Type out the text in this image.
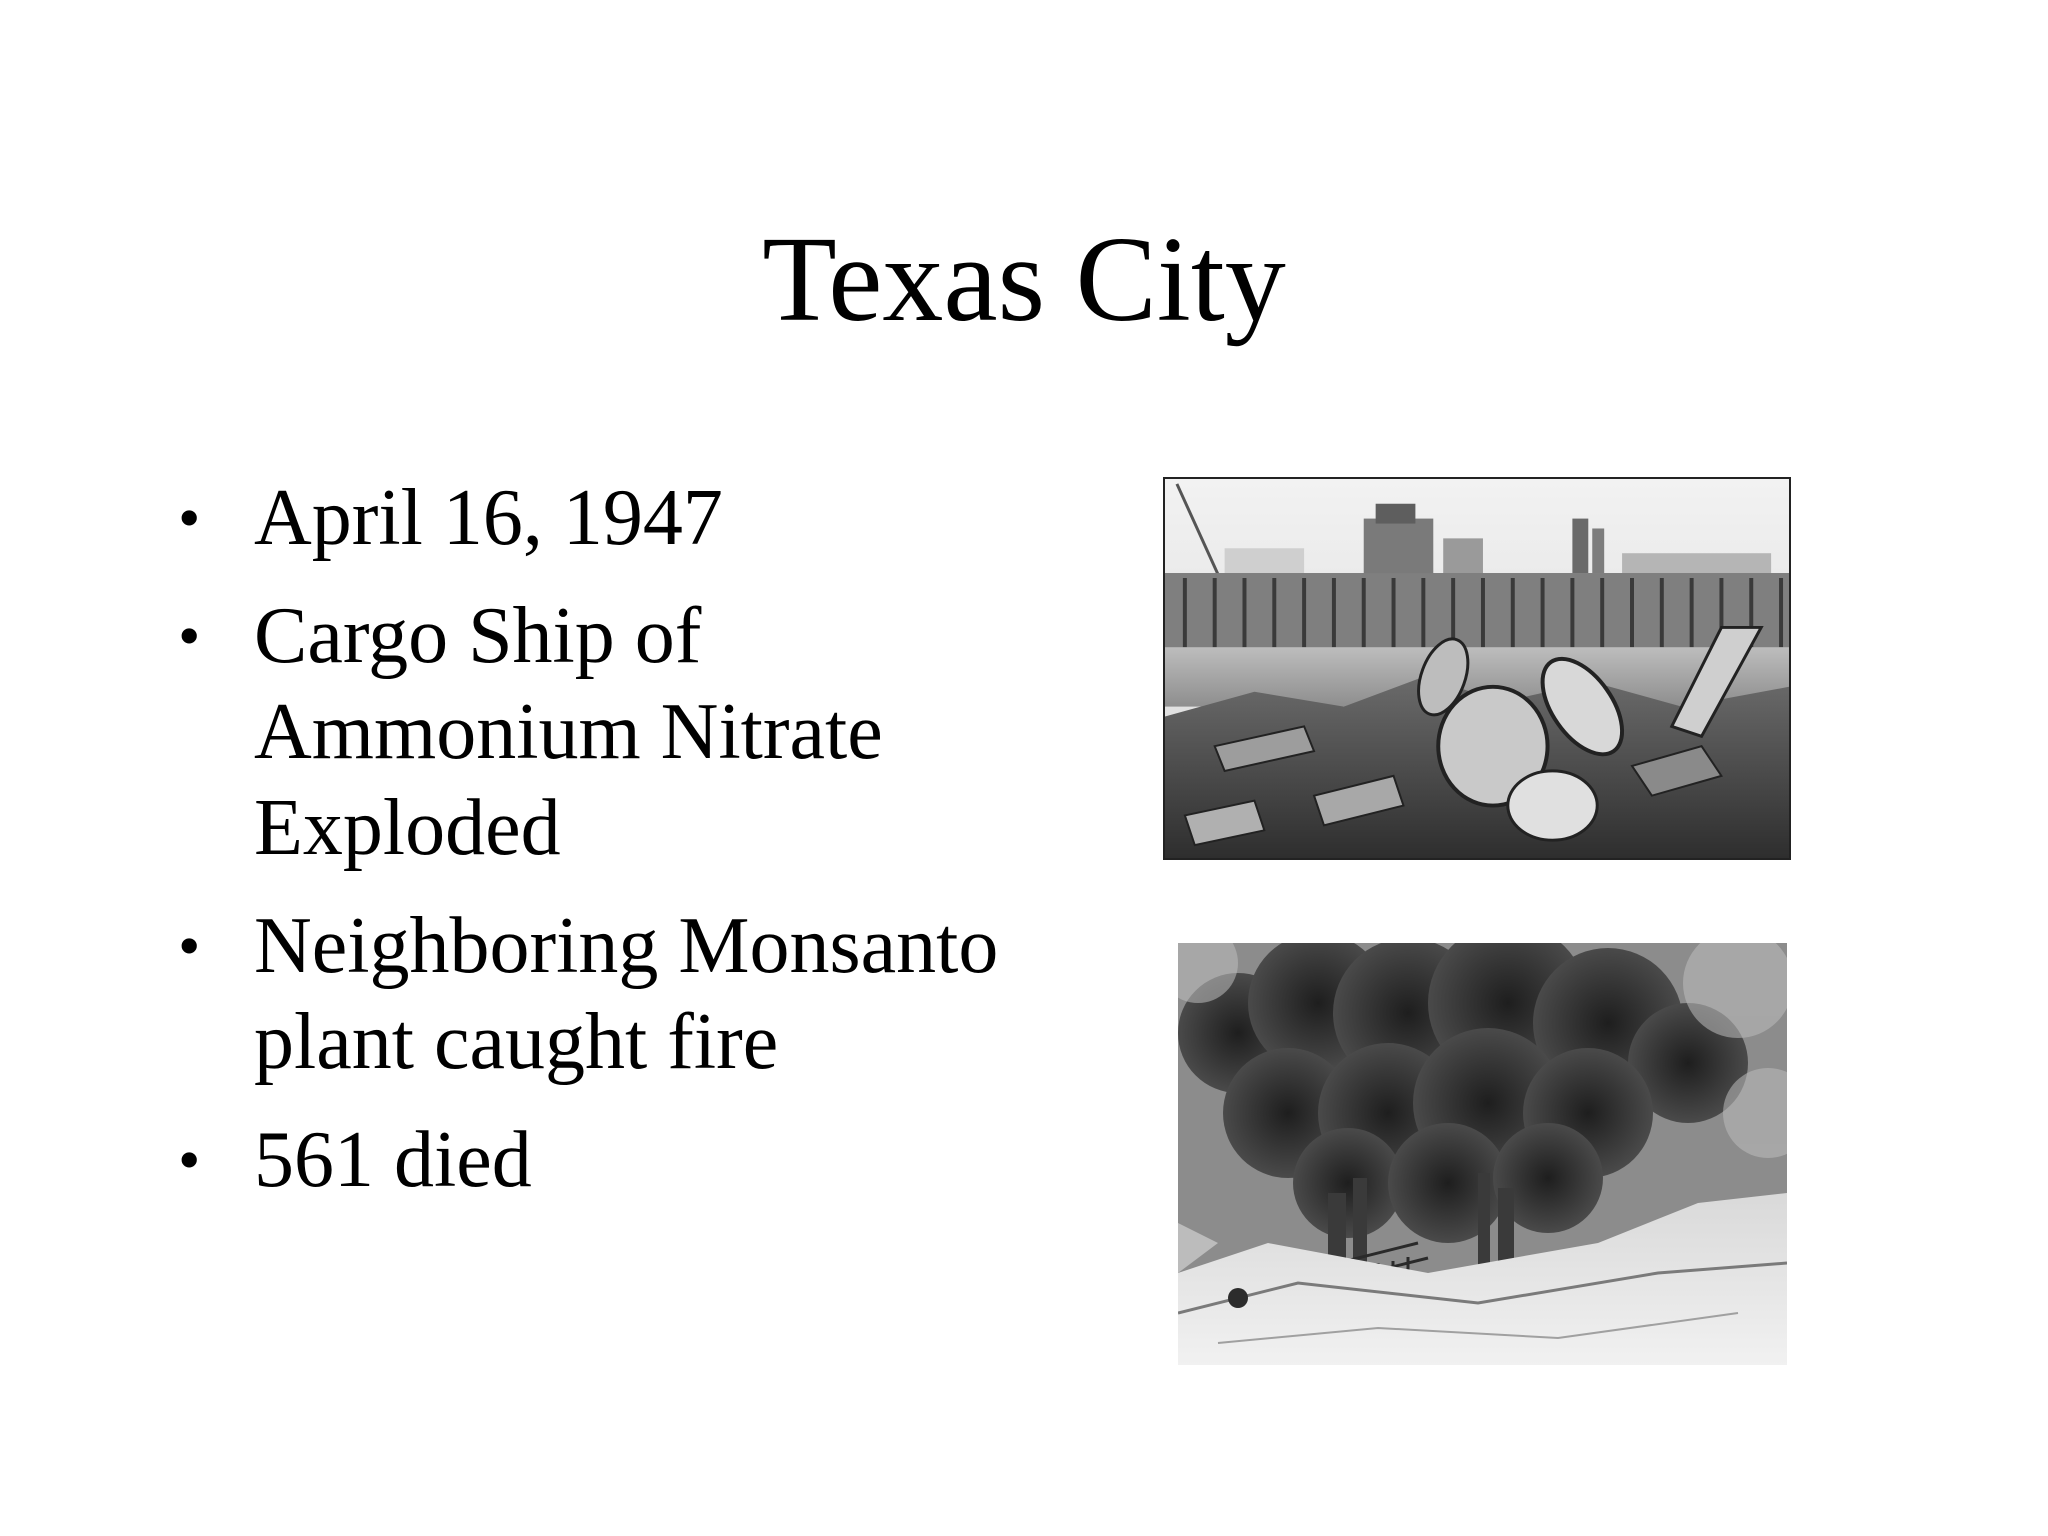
Texas City
• April 16, 1947
• Cargo Ship of Ammonium Nitrate Exploded
• Neighboring Monsanto plant caught fire
• 561 died
